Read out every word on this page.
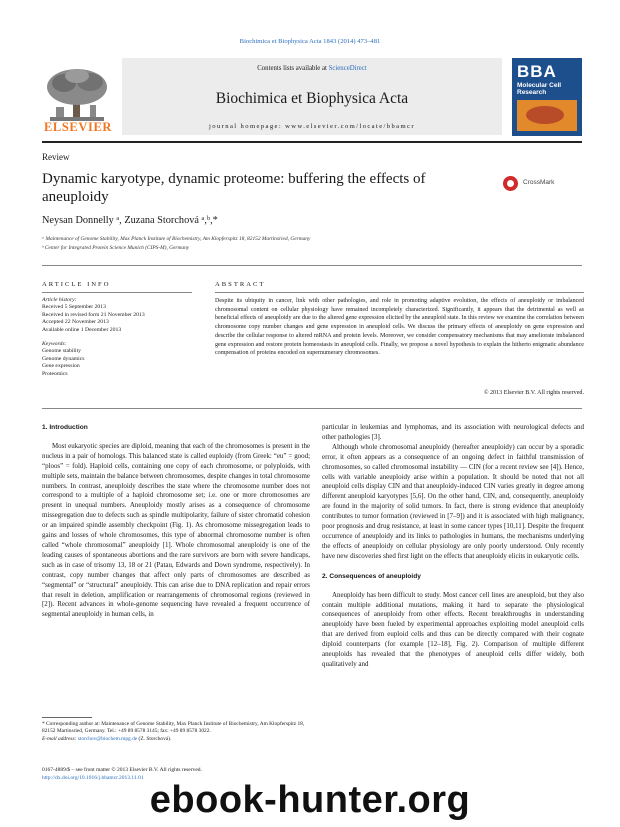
Biochimica et Biophysica Acta 1843 (2014) 473–481
Contents lists available at ScienceDirect
Biochimica et Biophysica Acta
journal homepage: www.elsevier.com/locate/bbamcr
ELSEVIER
BBA
Molecular Cell Research
Review
Dynamic karyotype, dynamic proteome: buffering the effects of aneuploidy
CrossMark
Neysan Donnelly ᵃ, Zuzana Storchová ᵃ,ᵇ,*
ᵃ Maintenance of Genome Stability, Max Planck Institute of Biochemistry, Am Klopferspitz 18, 82152 Martinsried, Germany
ᵇ Center for Integrated Protein Science Munich (CIPS-M), Germany
ARTICLE INFO
Article history:
Received 5 September 2013
Received in revised form 21 November 2013
Accepted 22 November 2013
Available online 1 December 2013
Keywords:
Genome stability
Genome dynamics
Gene expression
Proteomics
ABSTRACT
Despite its ubiquity in cancer, link with other pathologies, and role in promoting adaptive evolution, the effects of aneuploidy or imbalanced chromosomal content on cellular physiology have remained incompletely characterized. Significantly, it appears that the detrimental as well as beneficial effects of aneuploidy are due to the altered gene expression elicited by the aneuploid state. In this review we examine the correlation between chromosome copy number changes and gene expression in aneuploid cells. We discuss the primary effects of aneuploidy on gene expression and describe the cellular response to altered mRNA and protein levels. Moreover, we consider compensatory mechanisms that may ameliorate imbalanced gene expression and restore protein homeostasis in aneuploid cells. Finally, we propose a novel hypothesis to explain the hitherto enigmatic abundance compensation of proteins encoded on supernumerary chromosomes.
© 2013 Elsevier B.V. All rights reserved.
1. Introduction

Most eukaryotic species are diploid, meaning that each of the chromosomes is present in the nucleus in a pair of homologs. This balanced state is called euploidy (from Greek: “eu” = good; “ploos” = fold). Haploid cells, containing one copy of each chromosome, or polyploids, with multiple sets, maintain the balance between chromosomes, despite changes in total chromosome numbers. In contrast, aneuploidy describes the state where the chromosome number does not correspond to a multiple of a haploid chromosome set; i.e. one or more chromosomes are present in unequal numbers. Aneuploidy mostly arises as a consequence of chromosome missegregation due to defects such as spindle multipolarity, failure of sister chromatid cohesion or an impaired spindle assembly checkpoint (Fig. 1). As chromosome missegregation leads to gains and losses of whole chromosomes, this type of abnormal chromosome number is often called “whole chromosomal” aneuploidy [1]. Whole chromosomal aneuploidy is one of the leading causes of spontaneous abortions and the rare survivors are born with severe handicaps, such as in case of trisomy 13, 18 or 21 (Patau, Edwards and Down syndrome, respectively). In contrast, copy number changes that affect only parts of chromosomes are described as “segmental” or “structural” aneuploidy. This can arise due to DNA replication and repair errors that result in deletion, amplification or rearrangements of chromosomal regions (reviewed in [2]). Recent advances in whole-genome sequencing have revealed a frequent occurrence of segmental aneuploidy in human cells, in

particular in leukemias and lymphomas, and its association with neurological defects and other pathologies [3].

Although whole chromosomal aneuploidy (hereafter aneuploidy) can occur by a sporadic error, it often appears as a consequence of an ongoing defect in faithful transmission of chromosomes, so called chromosomal instability — CIN (for a recent review see [4]). Hence, cells with variable aneuploidy arise within a population. It should be noted that not all aneuploid cells display CIN and that aneuploidy-induced CIN varies greatly in degree among different aneuploid karyotypes [5,6]. On the other hand, CIN, and, consequently, aneuploidy are found in the majority of solid tumors. In fact, there is strong evidence that aneuploidy contributes to tumor formation (reviewed in [7–9]) and it is associated with high malignancy, poor prognosis and drug resistance, at least in some cancer types [10,11]. Despite the frequent occurrence of aneuploidy and its links to pathologies in humans, the mechanisms underlying the effects of aneuploidy on cellular physiology are only poorly understood. Only recently have new discoveries shed first light on the effects that aneuploidy elicits in eukaryotic cells.

2. Consequences of aneuploidy

Aneuploidy has been difficult to study. Most cancer cell lines are aneuploid, but they also contain multiple additional mutations, making it hard to separate the physiological consequences of aneuploidy from other effects. Recent breakthroughs in understanding aneuploidy have been fueled by experimental approaches exploiting model aneuploid cells that are derived from euploid cells and thus can be directly compared with their cognate diploid counterparts (for example [12–18], Fig. 2). Comparison of multiple different aneuploids has revealed that the phenotypes of aneuploid cells differ widely, both qualitatively and

* Corresponding author at: Maintenance of Genome Stability, Max Planck Institute of Biochemistry, Am Klopferspitz 18, 82152 Martinsried, Germany. Tel.: +49 89 8578 3145; fax: +49 89 8578 3022.
E-mail address: storchov@biochem.mpg.de (Z. Storchová).
0167-4889/$ – see front matter © 2013 Elsevier B.V. All rights reserved.
http://dx.doi.org/10.1016/j.bbamcr.2013.11.01
ebook-hunter.org
